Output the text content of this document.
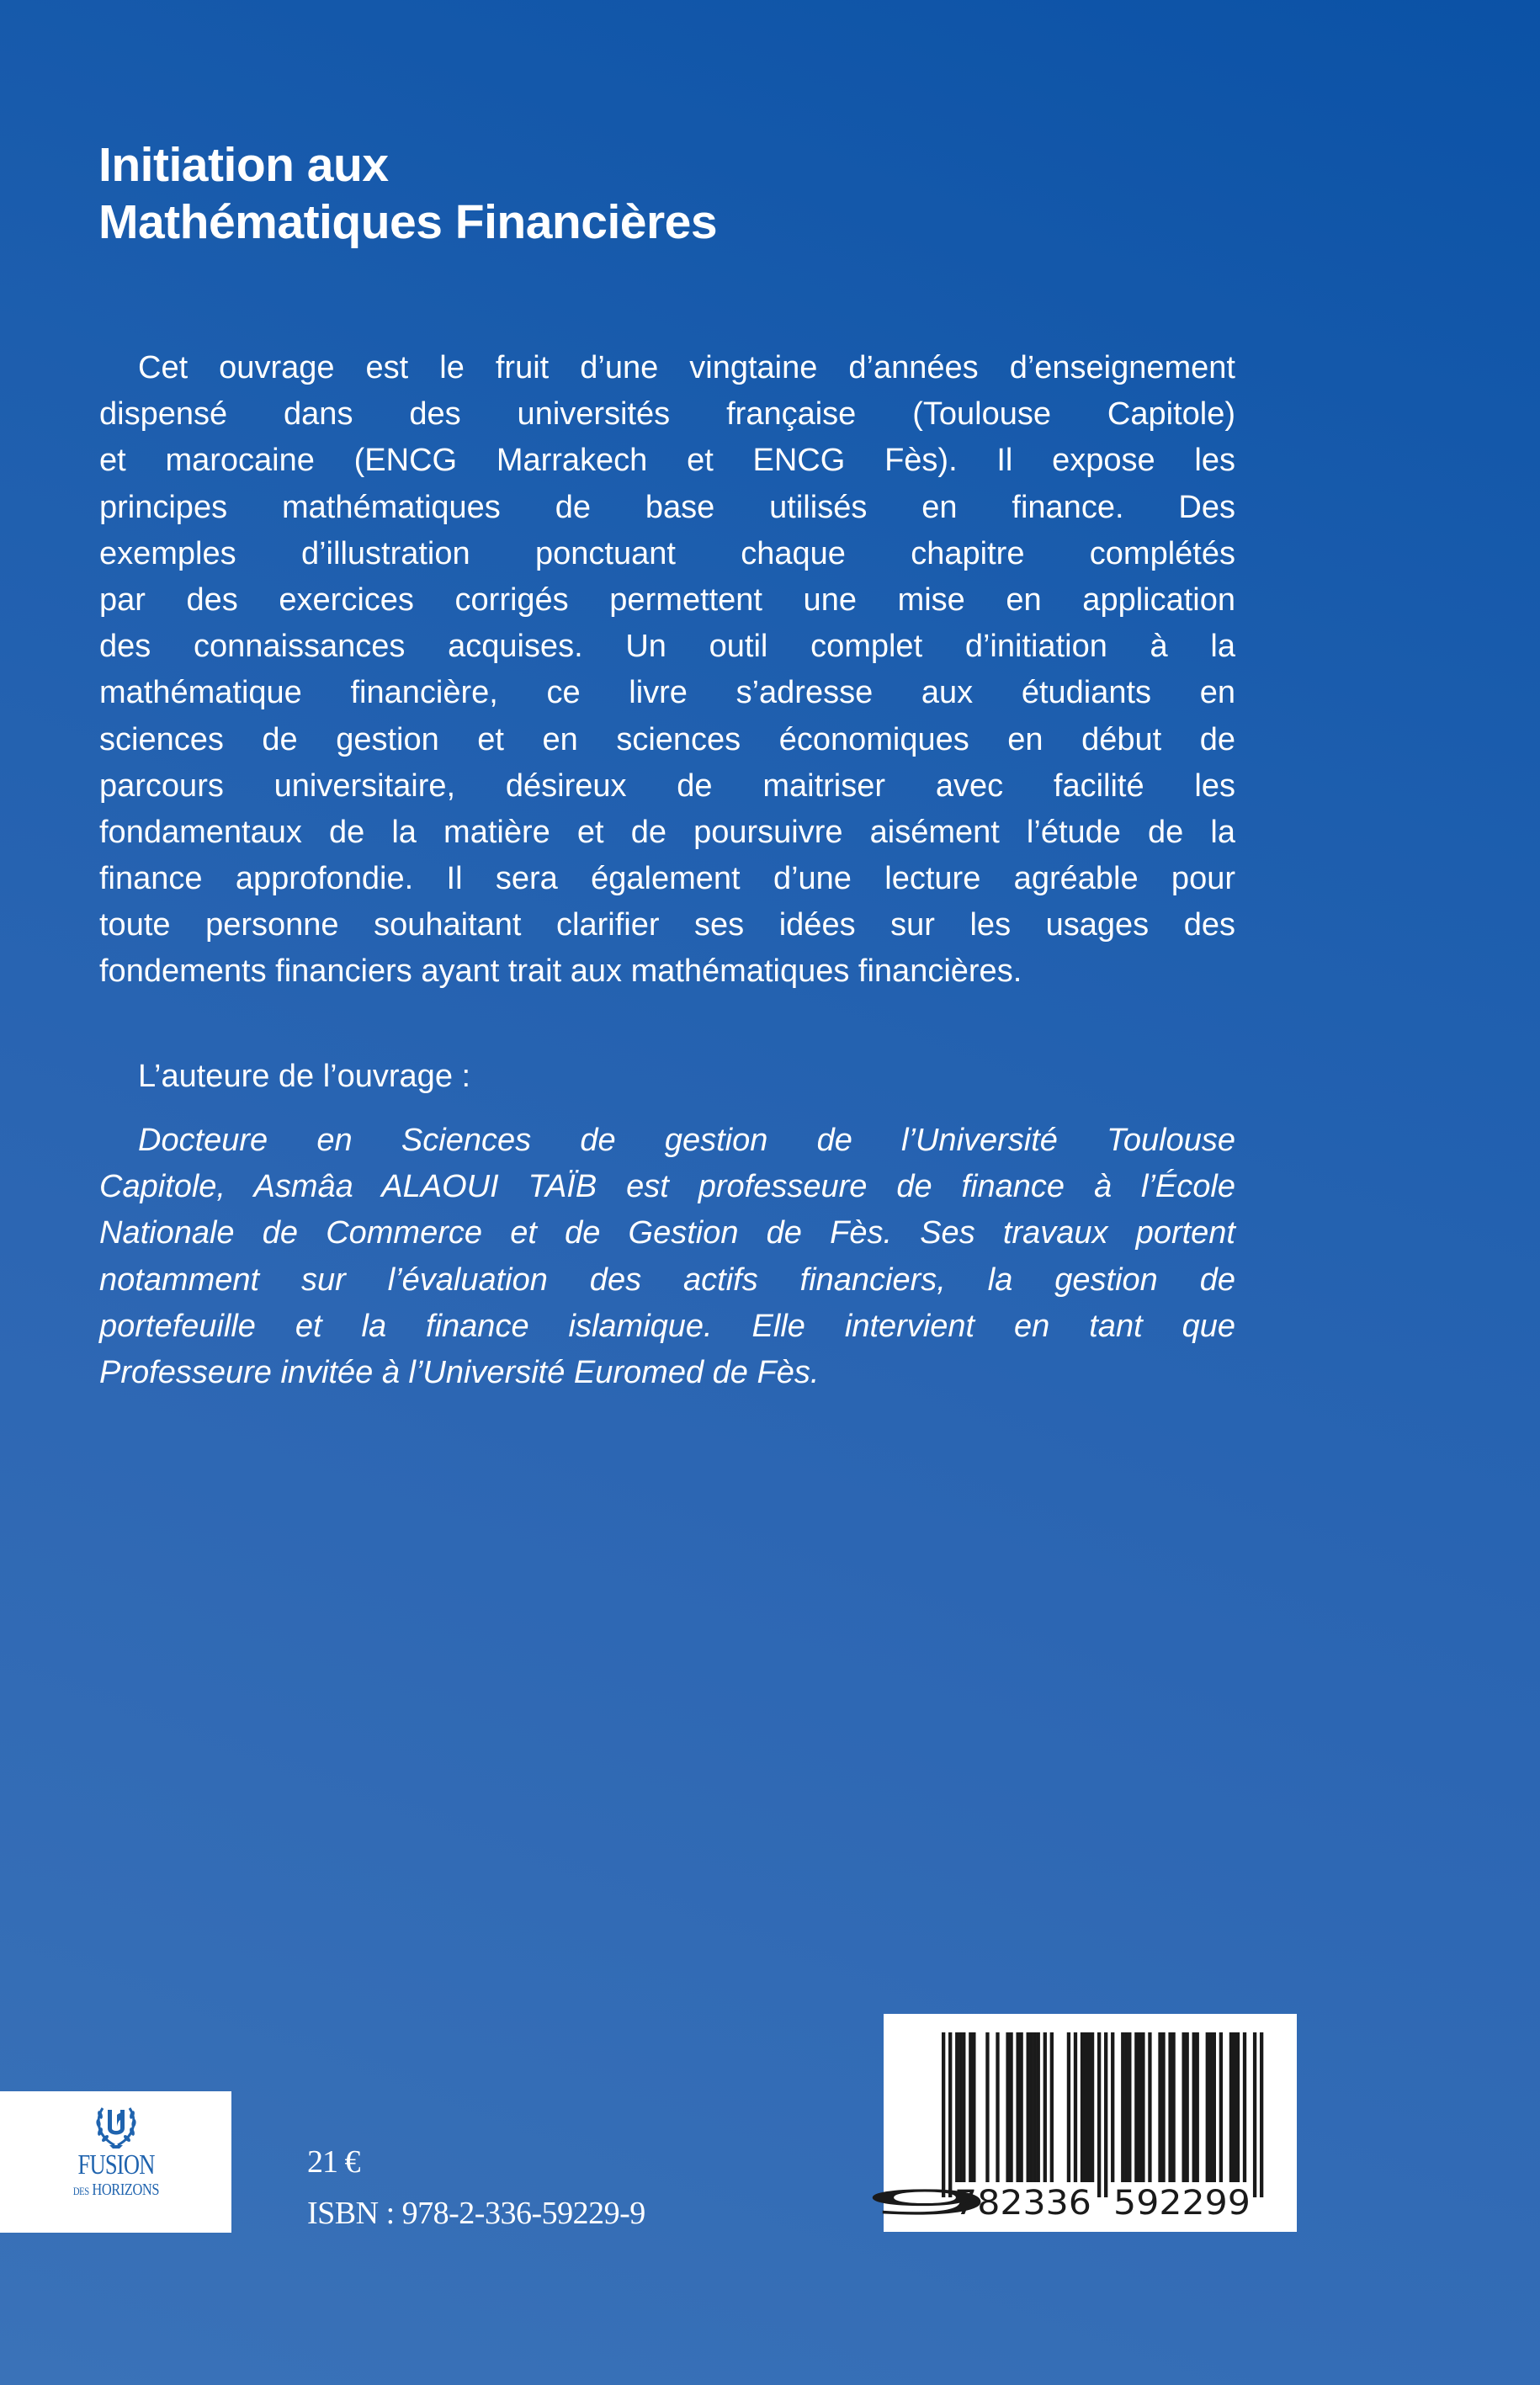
Initiation aux
Mathématiques Financières
Cet ouvrage est le fruit d’une vingtaine d’années d’enseignement
dispensé dans des universités française (Toulouse Capitole)
et marocaine (ENCG Marrakech et ENCG Fès). Il expose les
principes mathématiques de base utilisés en finance. Des
exemples d’illustration ponctuant chaque chapitre complétés
par des exercices corrigés permettent une mise en application
des connaissances acquises. Un outil complet d’initiation à la
mathématique financière, ce livre s’adresse aux étudiants en
sciences de gestion et en sciences économiques en début de
parcours universitaire, désireux de maitriser avec facilité les
fondamentaux de la matière et de poursuivre aisément l’étude de la
finance approfondie. Il sera également d’une lecture agréable pour
toute personne souhaitant clarifier ses idées sur les usages des
fondements financiers ayant trait aux mathématiques financières.
L’auteure de l’ouvrage :
Docteure en Sciences de gestion de l’Université Toulouse
Capitole, Asmâa ALAOUI TAÏB est professeure de finance à l’École
Nationale de Commerce et de Gestion de Fès. Ses travaux portent
notamment sur l’évaluation des actifs financiers, la gestion de
portefeuille et la finance islamique. Elle intervient en tant que
Professeure invitée à l’Université Euromed de Fès.
FUSION
DES HORIZONS
21 €
ISBN : 978-2-336-59229-9	9
782336 592299
